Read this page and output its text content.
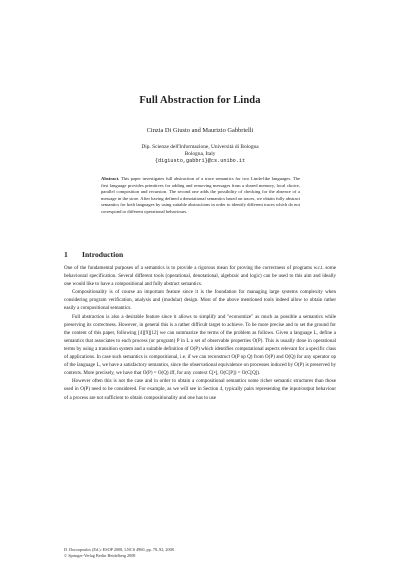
Full Abstraction for Linda
Cinzia Di Giusto and Maurizio Gabbrielli
Dip. Scienze dell'Informazione, Università di Bologna
Bologna, Italy
{digiusto,gabbri}@cs.unibo.it
Abstract. This paper investigates full abstraction of a trace semantics for two Linda-like languages. The first language provides primitives for adding and removing messages from a shared memory, local choice, parallel composition and recursion. The second one adds the possibility of checking for the absence of a message in the store. After having defined a denotational semantics based on traces, we obtain fully abstract semantics for both languages by using suitable abstractions in order to identify different traces which do not correspond to different operational behaviours.
1 Introduction

One of the fundamental purposes of a semantics is to provide a rigorous mean for proving the correctness of programs w.r.t. some behavioural specification. Several different tools (operational, denotational, algebraic and logic) can be used to this aim and ideally one would like to have a compositional and fully abstract semantics.

Compositionality is of course an important feature since it is the foundation for managing large systems complexity when considering program verification, analysis and (modular) design. Most of the above mentioned tools indeed allow to obtain rather easily a compositional semantics.

Full abstraction is also a desirable feature since it allows to simplify and "economize" as much as possible a semantics while preserving its correctness. However, in general this is a rather difficult target to achieve. To be more precise and to set the ground for the content of this paper, following [4][9][12] we can summarize the terms of the problem as follows. Given a language L, define a semantics that associates to each process (or program) P in L a set of observable properties O(P). This is usually done in operational terms by using a transition system and a suitable definition of O(P) which identifies computational aspects relevant for a specific class of applications. In case such semantics is compositional, i.e. if we can reconstruct O(P op Q) from O(P) and O(Q) for any operator op of the language L, we have a satisfactory semantics, since the observational equivalence on processes induced by O(P) is preserved by contexts. More precisely, we have that O(P) = O(Q) iff, for any context C[•], O(C[P]) = O(C[Q]).

However often this is not the case and in order to obtain a compositional semantics some richer semantic structures than those used in O(P) need to be considered. For example, as we will see in Section 4, typically pairs representing the input/output behaviour of a process are not sufficient to obtain compositionality and one has to use

D. Doroopoulos (Ed.): ESOP 2008, LNCS 4960, pp. 78–92, 2008.
© Springer-Verlag Berlin Heidelberg 2008
